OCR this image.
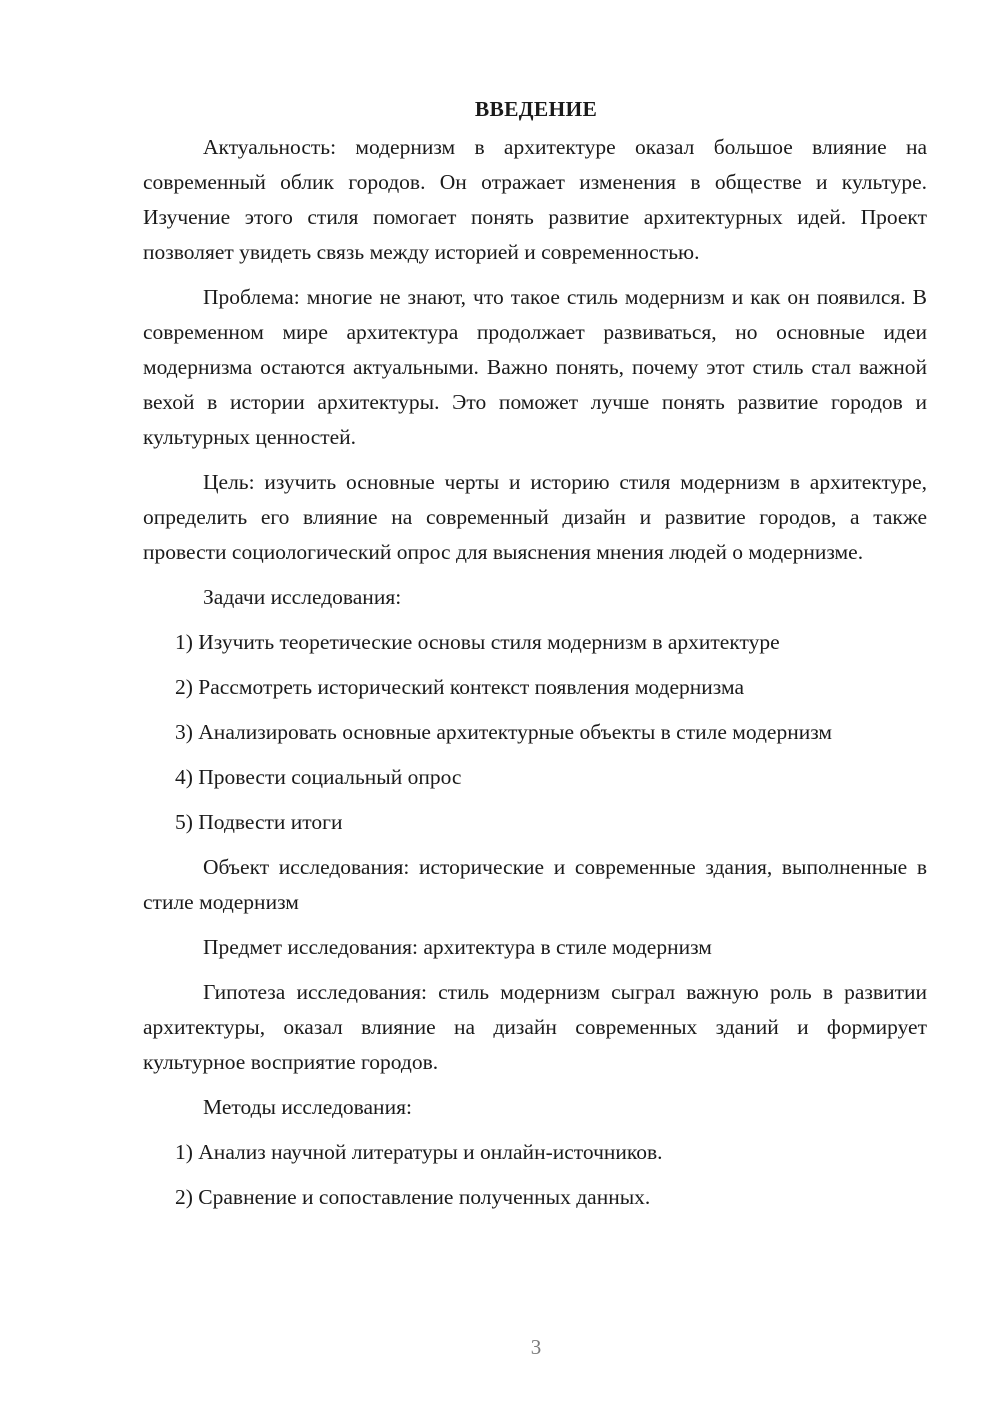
ВВЕДЕНИЕ

Актуальность: модернизм в архитектуре оказал большое влияние на современный облик городов. Он отражает изменения в обществе и культуре. Изучение этого стиля помогает понять развитие архитектурных идей. Проект позволяет увидеть связь между историей и современностью.

Проблема: многие не знают, что такое стиль модернизм и как он появился. В современном мире архитектура продолжает развиваться, но основные идеи модернизма остаются актуальными. Важно понять, почему этот стиль стал важной вехой в истории архитектуры. Это поможет лучше понять развитие городов и культурных ценностей.

Цель: изучить основные черты и историю стиля модернизм в архитектуре, определить его влияние на современный дизайн и развитие городов, а также провести социологический опрос для выяснения мнения людей о модернизме.

Задачи исследования:

1) Изучить теоретические основы стиля модернизм в архитектуре

2) Рассмотреть исторический контекст появления модернизма

3) Анализировать основные архитектурные объекты в стиле модернизм

4) Провести социальный опрос

5) Подвести итоги

Объект исследования: исторические и современные здания, выполненные в стиле модернизм

Предмет исследования: архитектура в стиле модернизм

Гипотеза исследования: стиль модернизм сыграл важную роль в развитии архитектуры, оказал влияние на дизайн современных зданий и формирует культурное восприятие городов.

Методы исследования:

1) Анализ научной литературы и онлайн-источников.

2) Сравнение и сопоставление полученных данных.

3
